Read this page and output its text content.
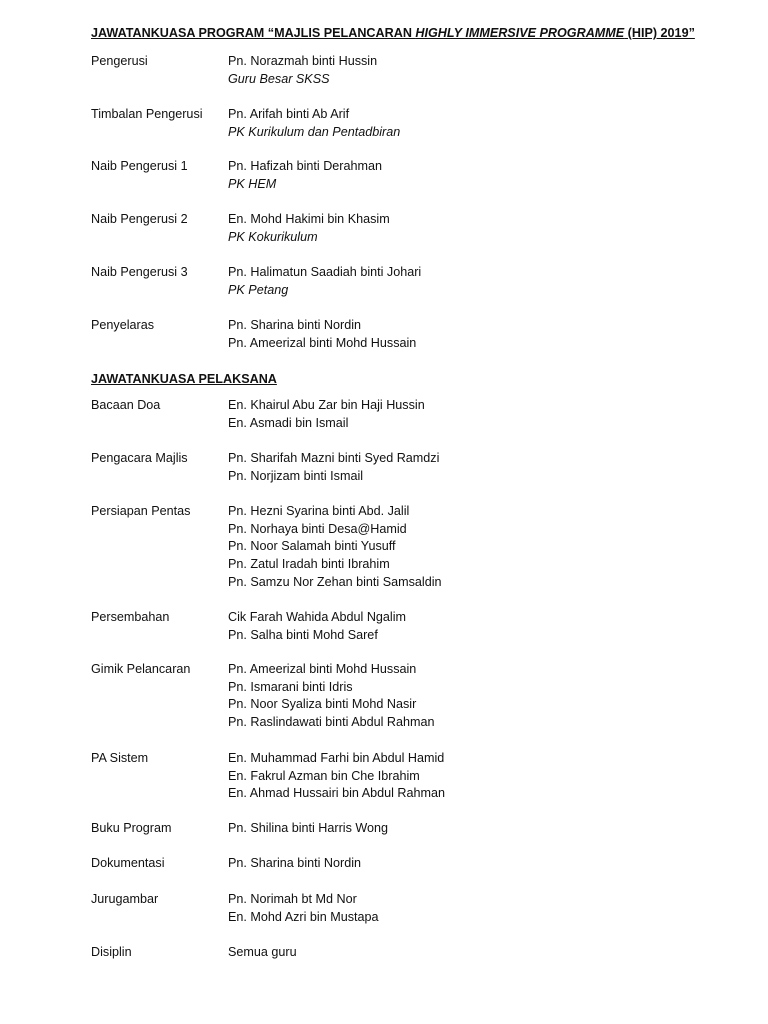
JAWATANKUASA PROGRAM “MAJLIS PELANCARAN HIGHLY IMMERSIVE PROGRAMME (HIP) 2019”
Pengerusi	Pn. Norazmah binti Hussin
Guru Besar SKSS
Timbalan Pengerusi	Pn. Arifah binti Ab Arif
PK Kurikulum dan Pentadbiran
Naib Pengerusi 1	Pn. Hafizah binti Derahman
PK HEM
Naib Pengerusi 2	En. Mohd Hakimi bin Khasim
PK Kokurikulum
Naib Pengerusi 3	Pn. Halimatun Saadiah binti Johari
PK Petang
Penyelaras	Pn. Sharina binti Nordin
Pn. Ameerizal binti Mohd Hussain
JAWATANKUASA PELAKSANA
Bacaan Doa	En. Khairul Abu Zar bin Haji Hussin
En. Asmadi bin Ismail
Pengacara Majlis	Pn. Sharifah Mazni binti Syed Ramdzi
Pn. Norjizam binti Ismail
Persiapan Pentas	Pn. Hezni Syarina binti Abd. Jalil
Pn. Norhaya binti Desa@Hamid
Pn. Noor Salamah binti Yusuff
Pn. Zatul Iradah binti Ibrahim
Pn. Samzu Nor Zehan binti Samsaldin
Persembahan	Cik Farah Wahida Abdul Ngalim
Pn. Salha binti Mohd Saref
Gimik Pelancaran	Pn. Ameerizal binti Mohd Hussain
Pn. Ismarani binti Idris
Pn. Noor Syaliza binti Mohd Nasir
Pn. Raslindawati binti Abdul Rahman
PA Sistem	En. Muhammad Farhi bin Abdul Hamid
En. Fakrul Azman bin Che Ibrahim
En. Ahmad Hussairi bin Abdul Rahman
Buku Program	Pn. Shilina binti Harris Wong
Dokumentasi	Pn. Sharina binti Nordin
Jurugambar	Pn. Norimah bt Md Nor
En. Mohd Azri bin Mustapa
Disiplin	Semua guru
